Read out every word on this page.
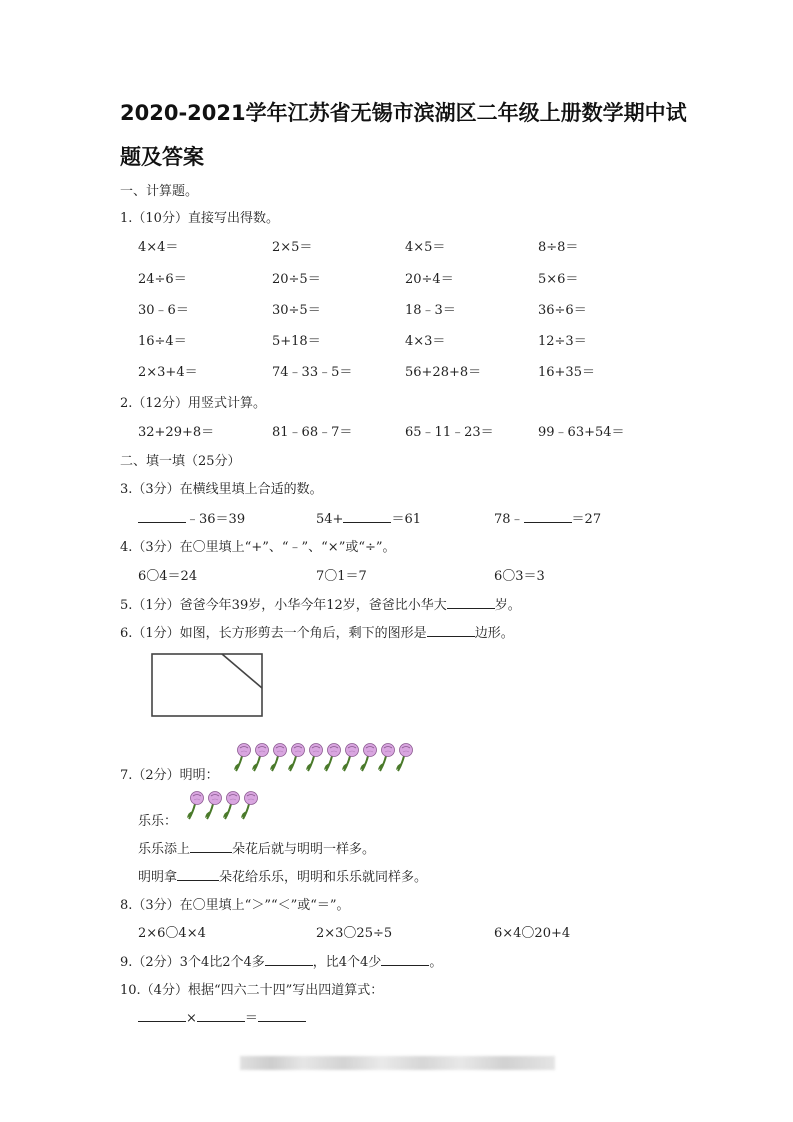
2020-2021学年江苏省无锡市滨湖区二年级上册数学期中试
题及答案
一、计算题。
1.（10分）直接写出得数。
4×4＝	2×5＝	4×5＝	8÷8＝
24÷6＝	20÷5＝	20÷4＝	5×6＝
30﹣6＝	30÷5＝	18﹣3＝	36÷6＝
16÷4＝	5+18＝	4×3＝	12÷3＝
2×3+4＝	74﹣33﹣5＝	56+28+8＝	16+35＝
2.（12分）用竖式计算。
32+29+8＝	81﹣68﹣7＝	65﹣11﹣23＝	99﹣63+54＝
二、填一填（25分）
3.（3分）在横线里填上合适的数。
﹣36＝39	54+	＝61	78﹣	＝27
4.（3分）在〇里填上“+”、“﹣”、“×”或“÷”。
6〇4＝24	7〇1＝7	6〇3＝3
5.（1分）爸爸今年39岁，小华今年12岁，爸爸比小华大	岁。
6.（1分）如图，长方形剪去一个角后，剩下的图形是	边形。
7.（2分）明明：
乐乐：
乐乐添上	朵花后就与明明一样多。
明明拿	朵花给乐乐，明明和乐乐就同样多。
8.（3分）在〇里填上“＞”“＜”或“＝”。
2×6〇4×4	2×3〇25÷5	6×4〇20+4
9.（2分）3个4比2个4多	，比4个4少	。
10.（4分）根据“四六二十四”写出四道算式：
×	＝
